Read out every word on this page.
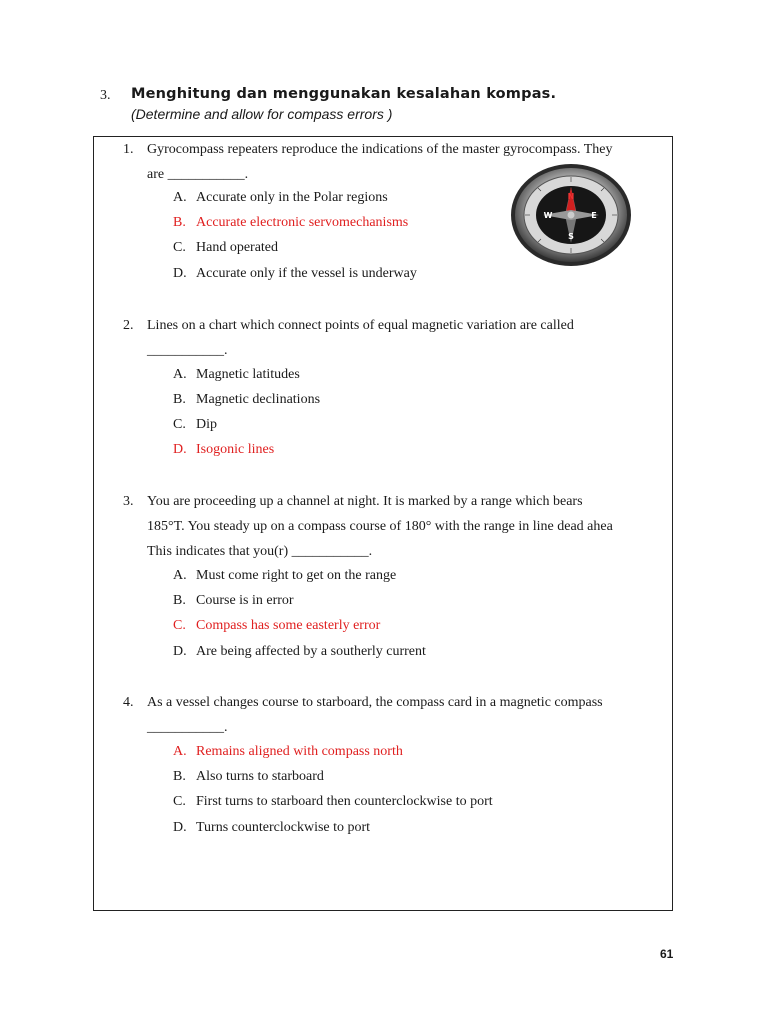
3. Menghitung dan menggunakan kesalahan kompas.
(Determine and allow for compass errors )
1. Gyrocompass repeaters reproduce the indications of the master gyrocompass. They
are ___________.
A. Accurate only in the Polar regions
B. Accurate electronic servomechanisms
C. Hand operated
D. Accurate only if the vessel is underway
N
E
S
W
2. Lines on a chart which connect points of equal magnetic variation are called
___________.
A. Magnetic latitudes
B. Magnetic declinations
C. Dip
D. Isogonic lines
3. You are proceeding up a channel at night. It is marked by a range which bears
185°T. You steady up on a compass course of 180° with the range in line dead ahea
This indicates that you(r) ___________.
A. Must come right to get on the range
B. Course is in error
C. Compass has some easterly error
D. Are being affected by a southerly current
4. As a vessel changes course to starboard, the compass card in a magnetic compass
___________.
A. Remains aligned with compass north
B. Also turns to starboard
C. First turns to starboard then counterclockwise to port
D. Turns counterclockwise to port
61
